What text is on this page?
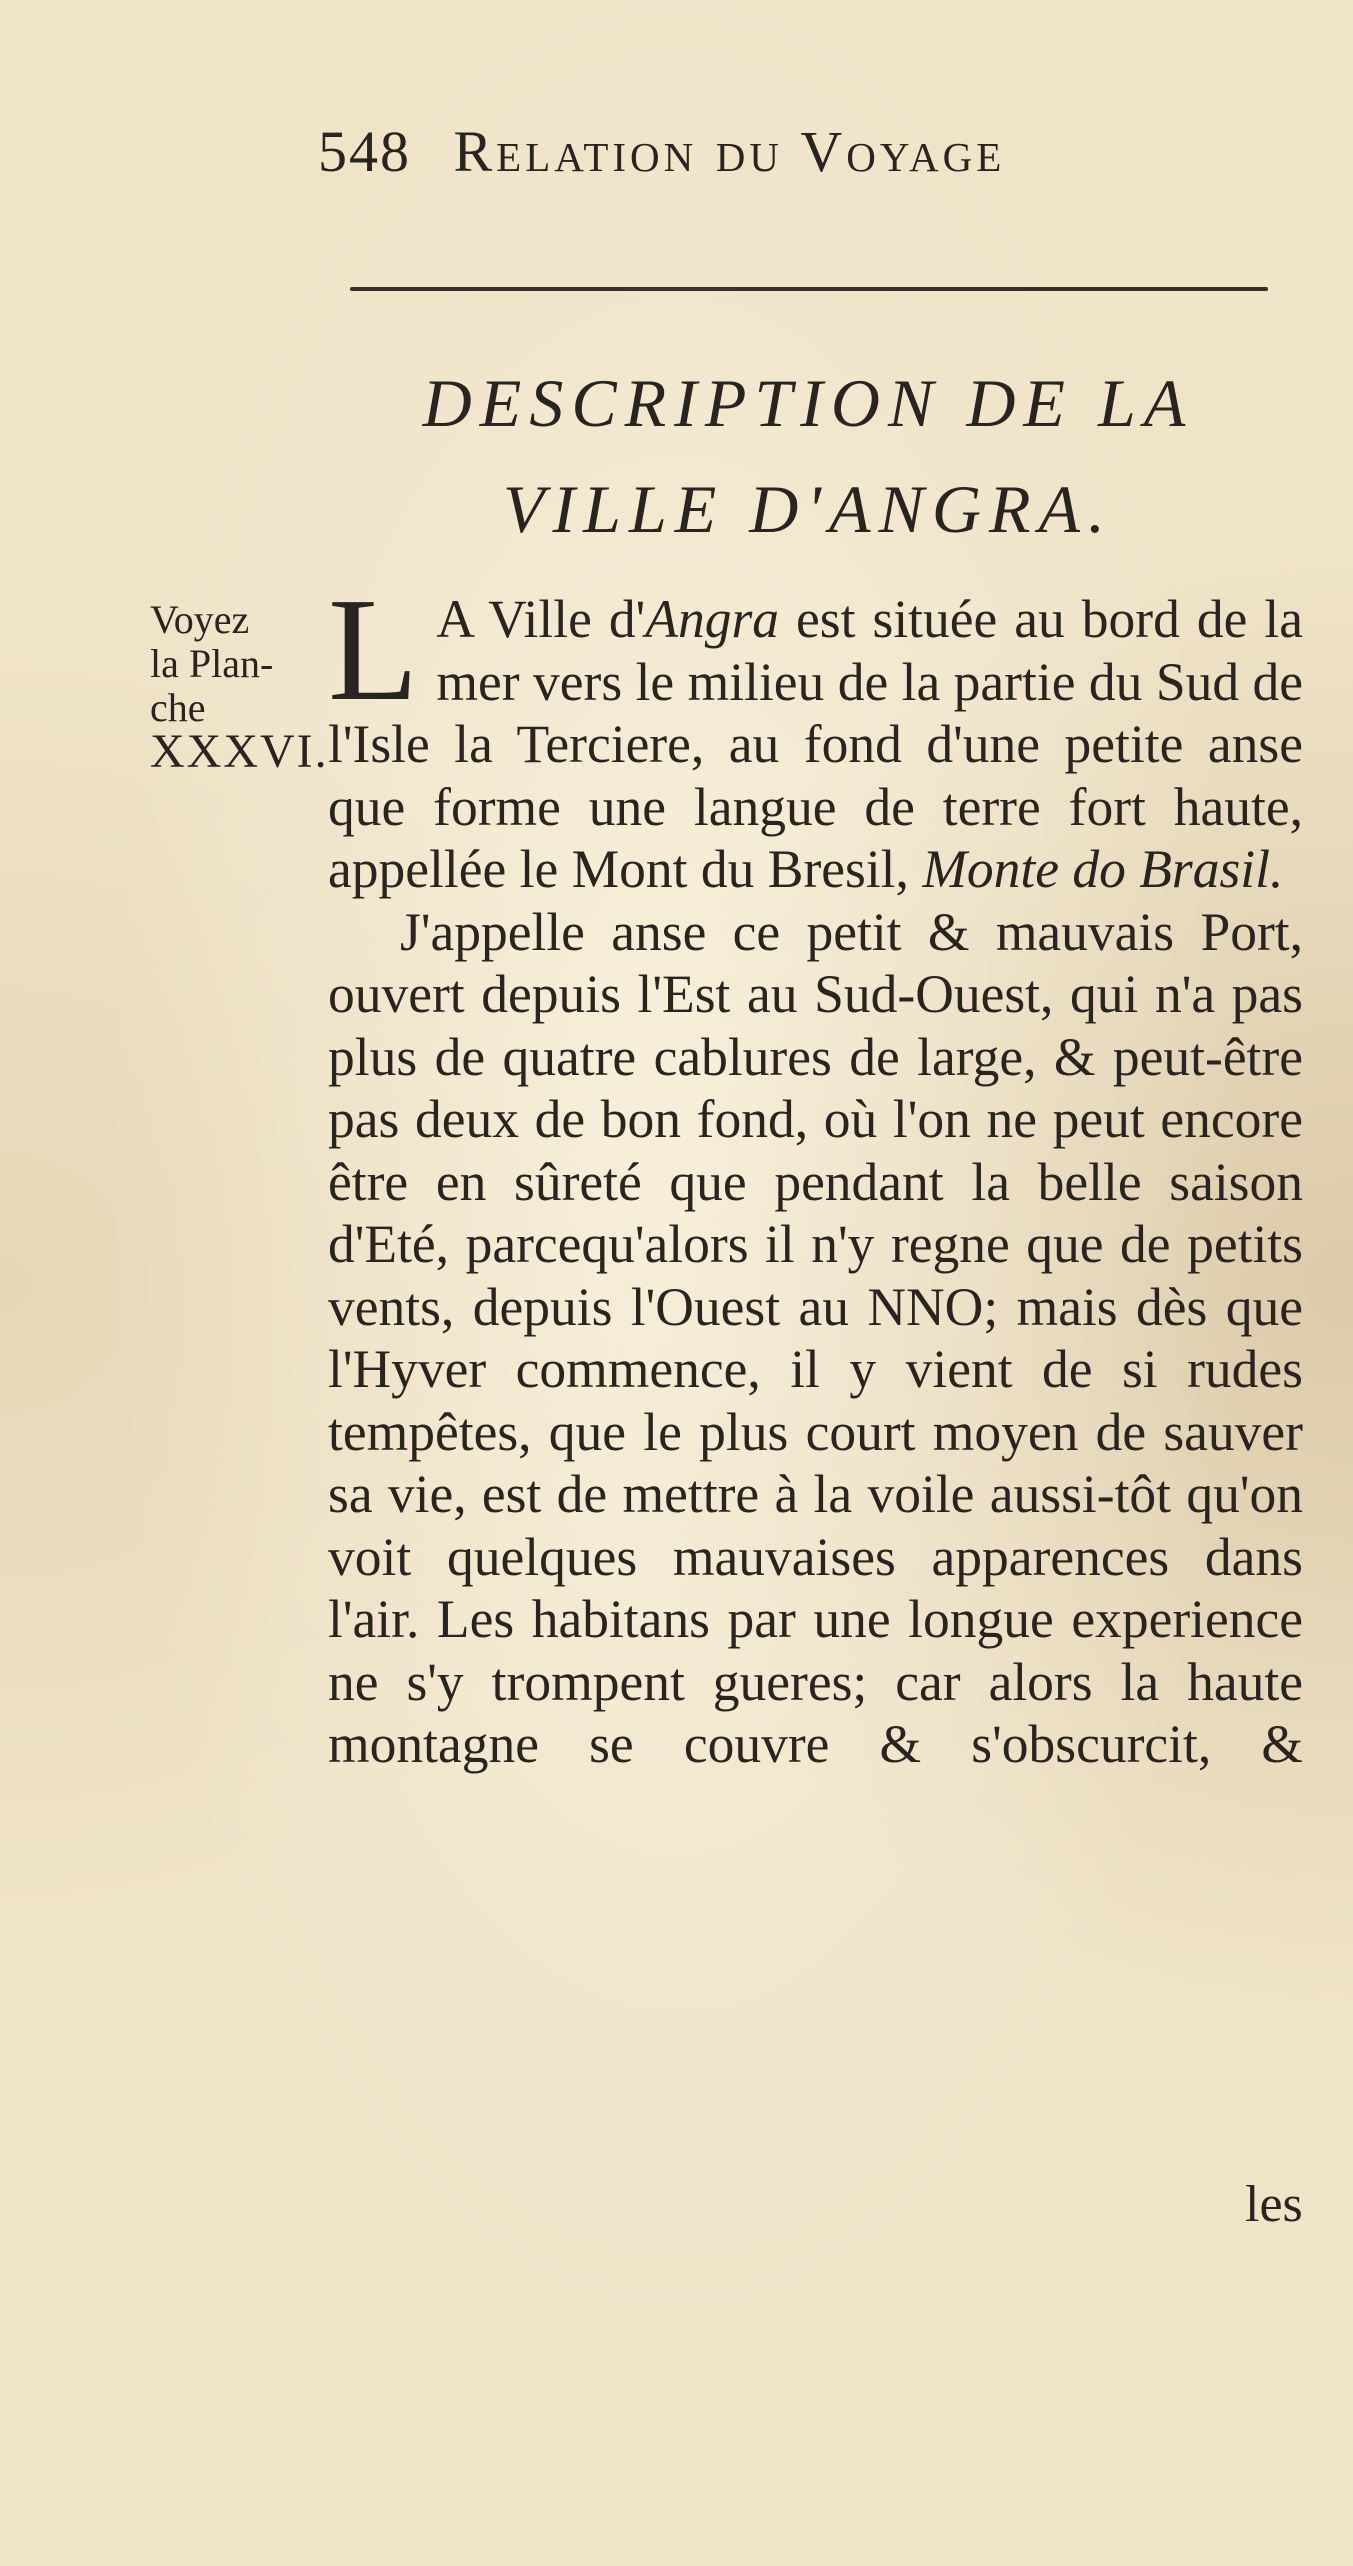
548 Relation du Voyage
DESCRIPTION DE LA
VILLE D'ANGRA.
Voyez
la Plan-
che
XXXVI.

L A Ville d'Angra est située au bord de la mer vers le milieu de la partie du Sud de l'Isle la Terciere, au fond d'une petite anse que forme une langue de terre fort haute, appellée le Mont du Bresil, Monte do Brasil.

J'appelle anse ce petit & mauvais Port, ouvert depuis l'Est au Sud-Ouest, qui n'a pas plus de quatre cablures de large, & peut-être pas deux de bon fond, où l'on ne peut encore être en sûreté que pendant la belle saison d'Eté, parcequ'alors il n'y regne que de petits vents, depuis l'Ouest au NNO; mais dès que l'Hyver commence, il y vient de si rudes tempêtes, que le plus court moyen de sauver sa vie, est de mettre à la voile aussi-tôt qu'on voit quelques mauvaises apparences dans l'air. Les habitans par une longue experience ne s'y trompent gueres; car alors la haute montagne se couvre & s'obscurcit, &

les
